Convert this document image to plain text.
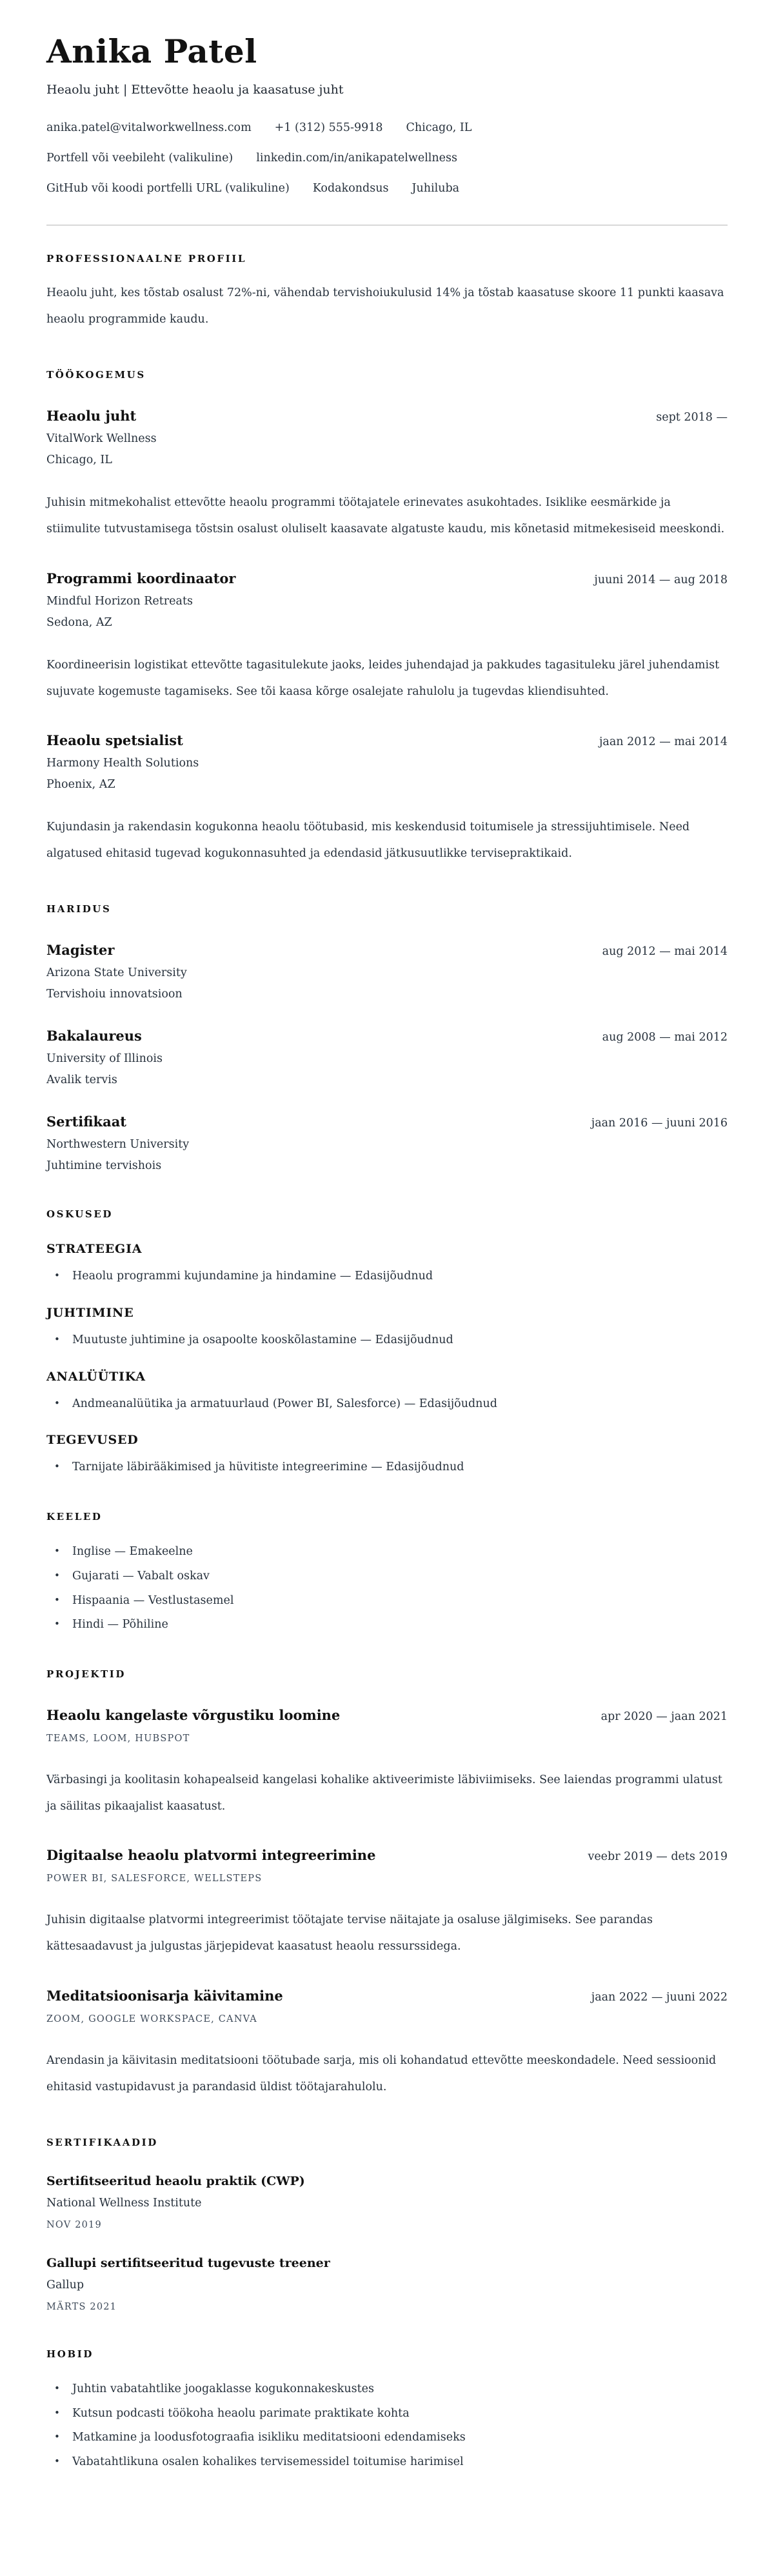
Anika Patel

Heaolu juht | Ettevõtte heaolu ja kaasatuse juht

anika.patel@vitalworkwellness.com +1 (312) 555-9918 Chicago, IL
Portfell või veebileht (valikuline) linkedin.com/in/anikapatelwellness
GitHub või koodi portfelli URL (valikuline) Kodakondsus Juhiluba
PROFESSIONAALNE PROFIIL

Heaolu juht, kes tõstab osalust 72%-ni, vähendab tervishoiukulusid 14% ja tõstab kaasatuse skoore 11 punkti kaasava heaolu programmide kaudu.

TÖÖKOGEMUS
Heaolu juht	sept 2018 —
VitalWork Wellness
Chicago, IL

Juhisin mitmekohalist ettevõtte heaolu programmi töötajatele erinevates asukohtades. Isiklike eesmärkide ja stiimulite tutvustamisega tõstsin osalust oluliselt kaasavate algatuste kaudu, mis kõnetasid mitmekesiseid meeskondi.

Programmi koordinaator	juuni 2014 — aug 2018
Mindful Horizon Retreats
Sedona, AZ

Koordineerisin logistikat ettevõtte tagasitulekute jaoks, leides juhendajad ja pakkudes tagasituleku järel juhendamist sujuvate kogemuste tagamiseks. See tõi kaasa kõrge osalejate rahulolu ja tugevdas kliendisuhted.

Heaolu spetsialist	jaan 2012 — mai 2014
Harmony Health Solutions
Phoenix, AZ

Kujundasin ja rakendasin kogukonna heaolu töötubasid, mis keskendusid toitumisele ja stressijuhtimisele. Need algatused ehitasid tugevad kogukonnasuhted ja edendasid jätkusuutlikke tervisepraktikaid.

HARIDUS
Magister	aug 2012 — mai 2014
Arizona State University
Tervishoiu innovatsioon
Bakalaureus	aug 2008 — mai 2012
University of Illinois
Avalik tervis
Sertifikaat	jaan 2016 — juuni 2016
Northwestern University
Juhtimine tervishois
OSKUSED
STRATEEGIA
• Heaolu programmi kujundamine ja hindamine — Edasijõudnud
JUHTIMINE
• Muutuste juhtimine ja osapoolte kooskõlastamine — Edasijõudnud
ANALÜÜTIKA
• Andmeanalüütika ja armatuurlaud (Power BI, Salesforce) — Edasijõudnud
TEGEVUSED
• Tarnijate läbirääkimised ja hüvitiste integreerimine — Edasijõudnud
KEELED
• Inglise — Emakeelne
• Gujarati — Vabalt oskav
• Hispaania — Vestlustasemel
• Hindi — Põhiline
PROJEKTID
Heaolu kangelaste võrgustiku loomine	apr 2020 — jaan 2021
TEAMS, LOOM, HUBSPOT

Värbasingi ja koolitasin kohapealseid kangelasi kohalike aktiveerimiste läbiviimiseks. See laiendas programmi ulatust ja säilitas pikaajalist kaasatust.

Digitaalse heaolu platvormi integreerimine	veebr 2019 — dets 2019
POWER BI, SALESFORCE, WELLSTEPS

Juhisin digitaalse platvormi integreerimist töötajate tervise näitajate ja osaluse jälgimiseks. See parandas kättesaadavust ja julgustas järjepidevat kaasatust heaolu ressurssidega.

Meditatsioonisarja käivitamine	jaan 2022 — juuni 2022
ZOOM, GOOGLE WORKSPACE, CANVA

Arendasin ja käivitasin meditatsiooni töötubade sarja, mis oli kohandatud ettevõtte meeskondadele. Need sessioonid ehitasid vastupidavust ja parandasid üldist töötajarahulolu.

SERTIFIKAADID
Sertifitseeritud heaolu praktik (CWP)
National Wellness Institute
NOV 2019
Gallupi sertifitseeritud tugevuste treener
Gallup
MÄRTS 2021
HOBID
• Juhtin vabatahtlike joogaklasse kogukonnakeskustes
• Kutsun podcasti töökoha heaolu parimate praktikate kohta
• Matkamine ja loodusfotograafia isikliku meditatsiooni edendamiseks
• Vabatahtlikuna osalen kohalikes tervisemessidel toitumise harimisel
